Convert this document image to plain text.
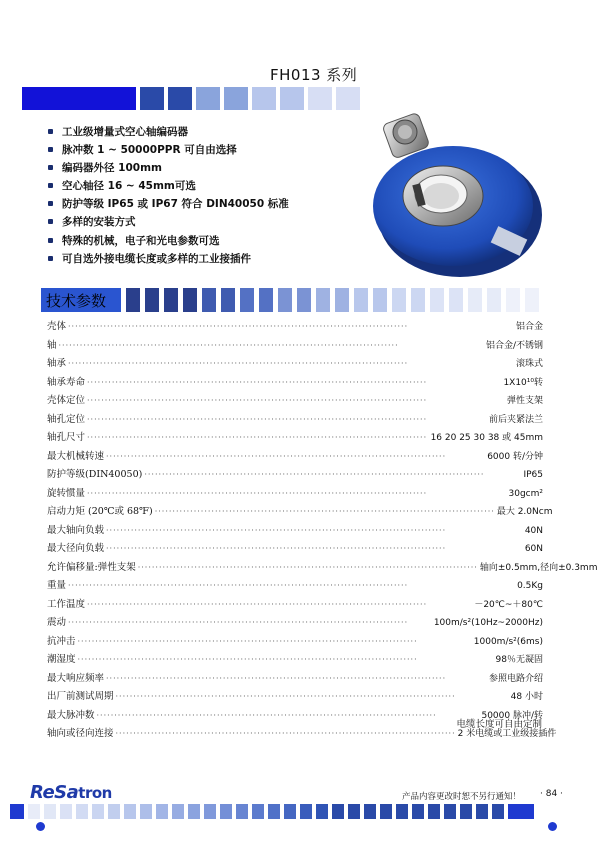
FH013 系列
工业级增量式空心轴编码器
脉冲数 1 ~ 50000PPR 可自由选择
编码器外径 100mm
空心轴径 16 ~ 45mm可选
防护等级 IP65 或 IP67 符合 DIN40050 标准
多样的安装方式
特殊的机械，电子和光电参数可选
可自选外接电缆长度或多样的工业接插件
技术参数
壳体 ································································································	铝合金
轴 ································································································	铝合金/不锈钢
轴承 ································································································	滚珠式
轴承寿命 ································································································	1X10¹⁰转
壳体定位 ································································································	弹性支架
轴孔定位 ································································································	前后夹紧法兰
轴孔尺寸 ································································································ 16 20 25 30 38 或 45mm
最大机械转速 ································································································	6000 转/分钟
防护等级(DIN40050) ································································································	IP65
旋转惯量 ································································································	30gcm²
启动力矩 (20℃或 68℉) ································································································ 最大 2.0Ncm
最大轴向负载 ································································································	40N
最大径向负载 ································································································	60N
允许偏移量:弹性支架 ································································································ 轴向±0.5mm,径向±0.3mm
重量 ································································································	0.5Kg
工作温度 ································································································	－20℃~＋80℃
震动 ································································································	100m/s²(10Hz~2000Hz)
抗冲击 ································································································	1000m/s²(6ms)
潮湿度 ································································································	98％无凝固
最大响应频率 ································································································	参照电路介绍
出厂前测试周期 ································································································	48 小时
最大脉冲数 ································································································	50000 脉冲/转
轴向或径向连接 ································································································ 2 米电缆或工业级接插件
电缆长度可自由定制
ReSatron	产品内容更改时恕不另行通知！ · 84 ·
